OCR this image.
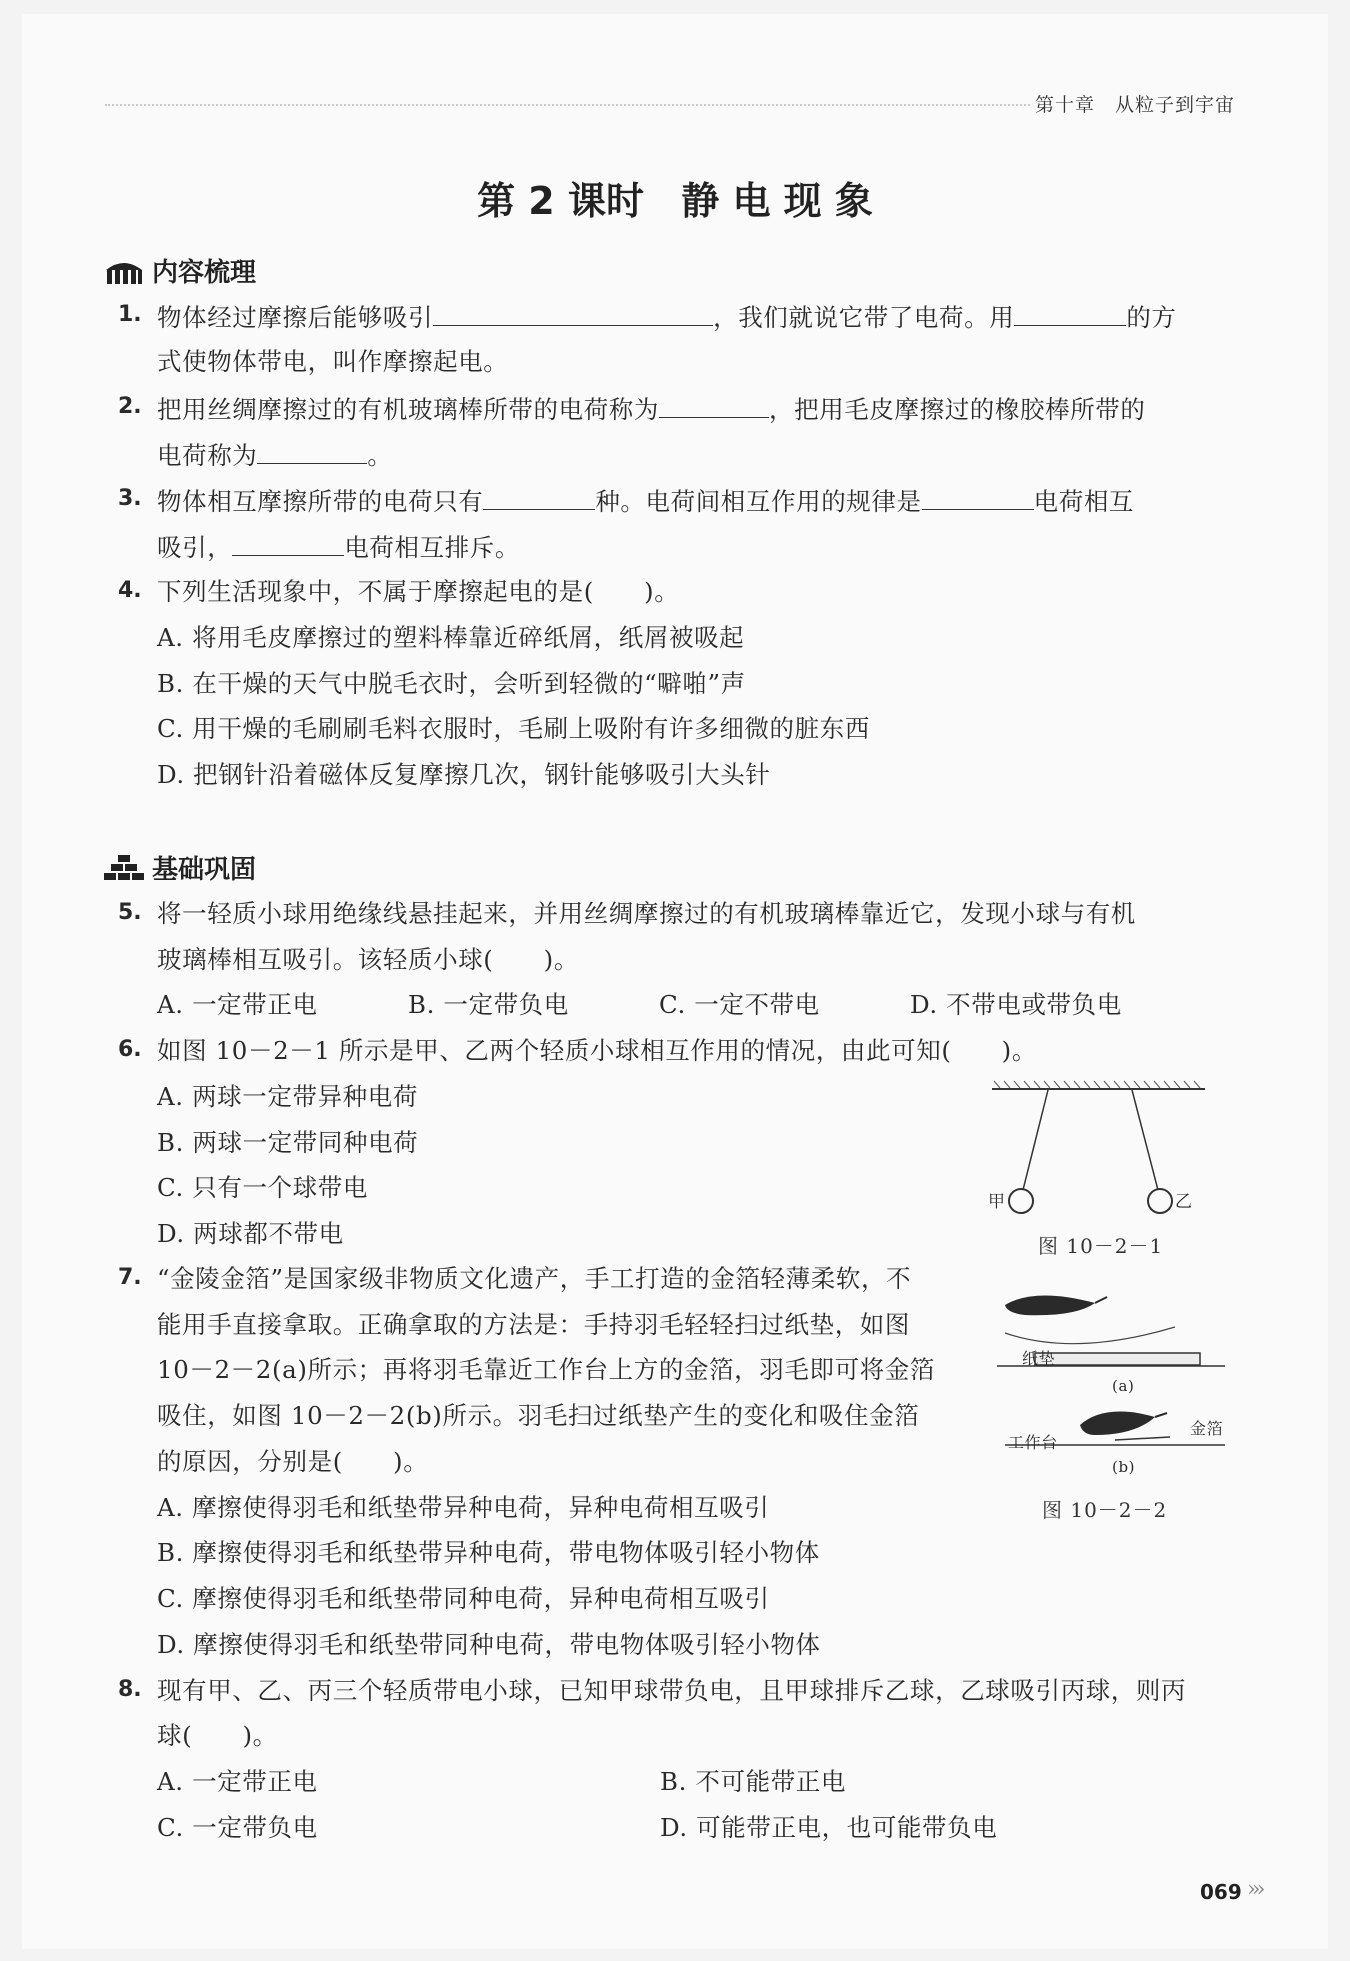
第十章　从粒子到宇宙
第 2 课时 静 电 现 象
内容梳理
1. 物体经过摩擦后能够吸引	，我们就说它带了电荷。用	的方
式使物体带电，叫作摩擦起电。
2. 把用丝绸摩擦过的有机玻璃棒所带的电荷称为	，把用毛皮摩擦过的橡胶棒所带的
电荷称为	。
3. 物体相互摩擦所带的电荷只有	种。电荷间相互作用的规律是	电荷相互
吸引，	电荷相互排斥。
4. 下列生活现象中，不属于摩擦起电的是(　　)。
A. 将用毛皮摩擦过的塑料棒靠近碎纸屑，纸屑被吸起
B. 在干燥的天气中脱毛衣时，会听到轻微的“噼啪”声
C. 用干燥的毛刷刷毛料衣服时，毛刷上吸附有许多细微的脏东西
D. 把钢针沿着磁体反复摩擦几次，钢针能够吸引大头针
基础巩固
5. 将一轻质小球用绝缘线悬挂起来，并用丝绸摩擦过的有机玻璃棒靠近它，发现小球与有机
玻璃棒相互吸引。该轻质小球(　　)。
A. 一定带正电	B. 一定带负电	C. 一定不带电	D. 不带电或带负电
6. 如图 10－2－1 所示是甲、乙两个轻质小球相互作用的情况，由此可知(　　)。
A. 两球一定带异种电荷
B. 两球一定带同种电荷
C. 只有一个球带电
D. 两球都不带电
甲	乙
图 10－2－1
7. “金陵金箔”是国家级非物质文化遗产，手工打造的金箔轻薄柔软，不
能用手直接拿取。正确拿取的方法是：手持羽毛轻轻扫过纸垫，如图
10－2－2(a)所示；再将羽毛靠近工作台上方的金箔，羽毛即可将金箔
吸住，如图 10－2－2(b)所示。羽毛扫过纸垫产生的变化和吸住金箔
的原因，分别是(　　)。
A. 摩擦使得羽毛和纸垫带异种电荷，异种电荷相互吸引
B. 摩擦使得羽毛和纸垫带异种电荷，带电物体吸引轻小物体
C. 摩擦使得羽毛和纸垫带同种电荷，异种电荷相互吸引
D. 摩擦使得羽毛和纸垫带同种电荷，带电物体吸引轻小物体
纸垫
(a)
工作台
金箔
(b)
图 10－2－2
8. 现有甲、乙、丙三个轻质带电小球，已知甲球带负电，且甲球排斥乙球，乙球吸引丙球，则丙
球(　　)。
A. 一定带正电	B. 不可能带正电
C. 一定带负电	D. 可能带正电，也可能带负电
069 ›››
